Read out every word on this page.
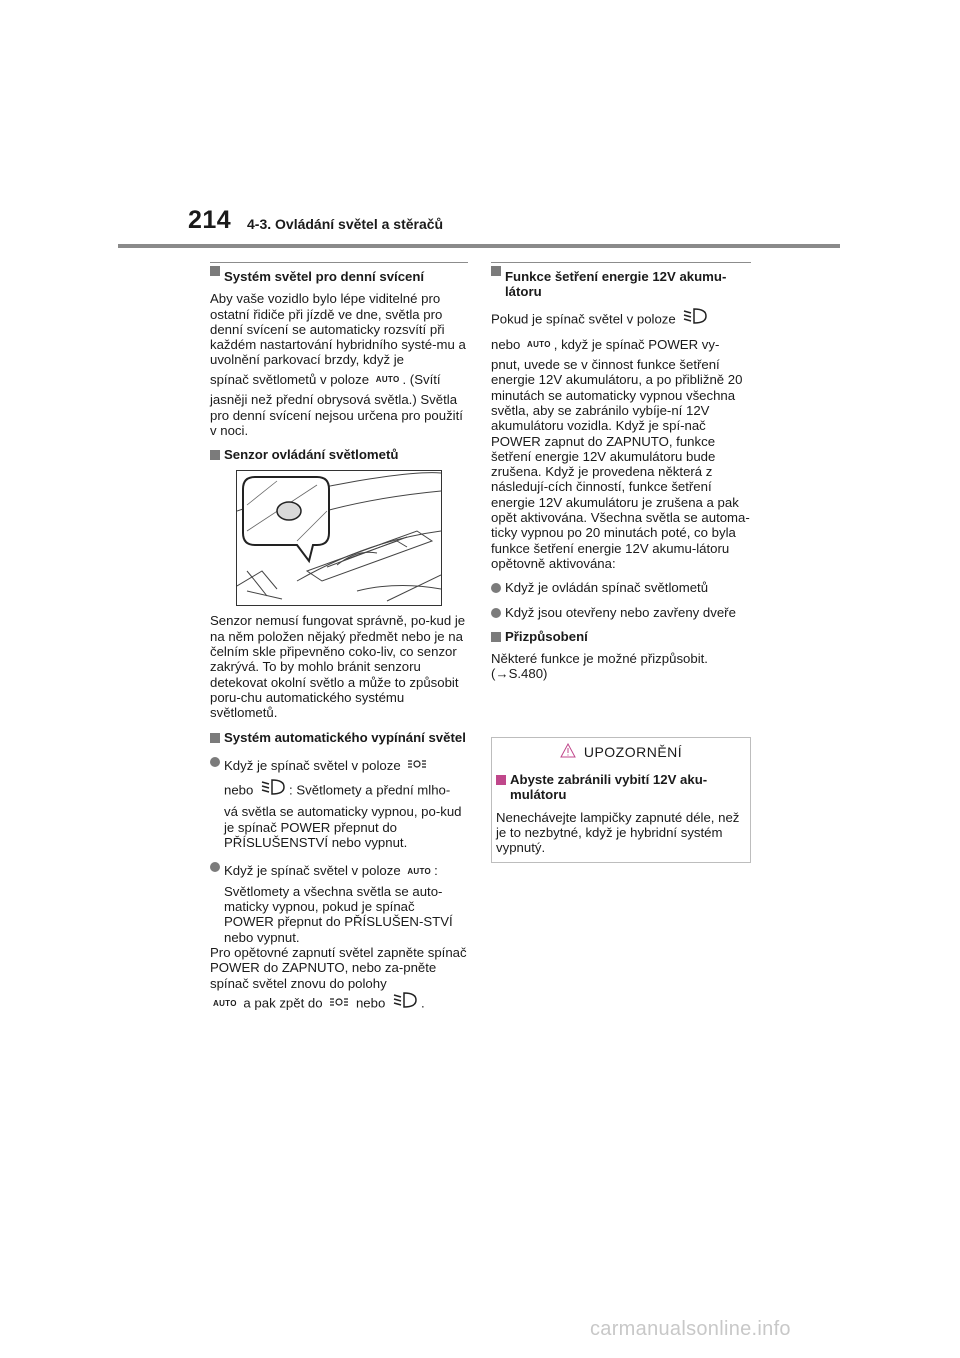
214 4-3. Ovládání světel a stěračů
Systém světel pro denní svícení

Aby vaše vozidlo bylo lépe viditelné pro ostatní řidiče při jízdě ve dne, světla pro denní svícení se automaticky rozsvítí při každém nastartování hybridního systé-mu a uvolnění parkovací brzdy, když je

spínač světlometů v poloze AUTO . (Svítí

jasněji než přední obrysová světla.) Světla pro denní svícení nejsou určena pro použití v noci.

Senzor ovládání světlometů

Senzor nemusí fungovat správně, po-kud je na něm položen nějaký předmět nebo je na čelním skle připevněno coko-liv, co senzor zakrývá. To by mohlo bránit senzoru detekovat okolní světlo a může to způsobit poru-chu automatického systému světlometů.

Systém automatického vypínání světel
Když je spínač světel v poloze
nebo	: Světlomety a přední mlho-
vá světla se automaticky vypnou, po-kud je spínač POWER přepnut do PŘÍSLUŠENSTVÍ nebo vypnut.
Když je spínač světel v poloze AUTO :
Světlomety a všechna světla se auto-maticky vypnou, pokud je spínač POWER přepnut do PŘÍSLUŠEN-STVÍ nebo vypnut.

Pro opětovné zapnutí světel zapněte spínač POWER do ZAPNUTO, nebo za-pněte spínač světel znovu do polohy

AUTO a pak zpět do	nebo	.

Funkce šetření energie 12V akumu-látoru

Pokud je spínač světel v poloze

nebo AUTO , když je spínač POWER vy-

pnut, uvede se v činnost funkce šetření energie 12V akumulátoru, a po přibližně 20 minutách se automaticky vypnou všechna světla, aby se zabránilo vybíje-ní 12V akumulátoru vozidla. Když je spí-nač POWER zapnut do ZAPNUTO, funkce šetření energie 12V akumulátoru bude zrušena. Když je provedena některá z následují-cích činností, funkce šetření energie 12V akumulátoru je zrušena a pak opět aktivována. Všechna světla se automa-ticky vypnou po 20 minutách poté, co byla funkce šetření energie 12V akumu-látoru opětovně aktivována:

Když je ovládán spínač světlometů
Když jsou otevřeny nebo zavřeny dveře
Přizpůsobení

Některé funkce je možné přizpůsobit.

(→S.480)

UPOZORNĚNÍ
Abyste zabránili vybití 12V aku-mulátoru

Nenechávejte lampičky zapnuté déle, než je to nezbytné, když je hybridní systém vypnutý.

carmanualsonline.info
